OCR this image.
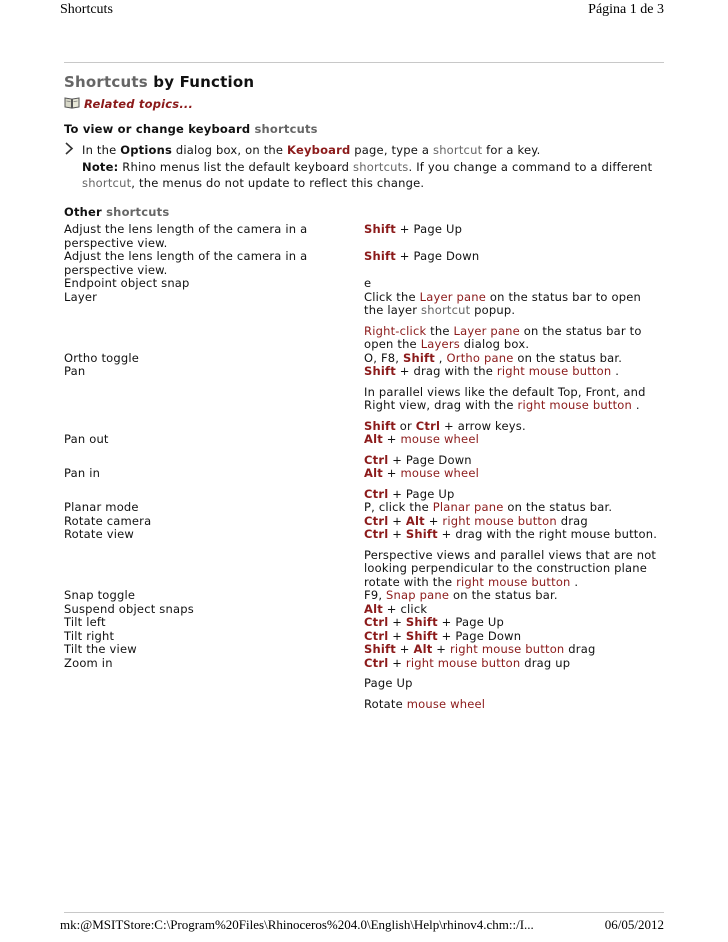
Shortcuts	Página 1 de 3
Shortcuts by Function
Related topics...
To view or change keyboard shortcuts
In the Options dialog box, on the Keyboard page, type a shortcut for a key.
Note: Rhino menus list the default keyboard shortcuts. If you change a command to a different
shortcut, the menus do not update to reflect this change.
Other shortcuts
Adjust the lens length of the camera in a perspective view.	Shift + Page Up

Adjust the lens length of the camera in a perspective view.	Shift + Page Down

Endpoint object snap	e

Layer	Click the Layer pane on the status bar to open the layer shortcut popup.
Right-click the Layer pane on the status bar to open the Layers dialog box.

Ortho toggle	O, F8, Shift , Ortho pane on the status bar.

Pan	Shift + drag with the right mouse button .
In parallel views like the default Top, Front, and Right view, drag with the right mouse button .
Shift or Ctrl + arrow keys.

Pan out	Alt + mouse wheel
Ctrl + Page Down

Pan in	Alt + mouse wheel
Ctrl + Page Up

Planar mode	P, click the Planar pane on the status bar.

Rotate camera	Ctrl + Alt + right mouse button drag

Rotate view	Ctrl + Shift + drag with the right mouse button.
Perspective views and parallel views that are not looking perpendicular to the construction plane rotate with the right mouse button .

Snap toggle	F9, Snap pane on the status bar.

Suspend object snaps	Alt + click

Tilt left	Ctrl + Shift + Page Up

Tilt right	Ctrl + Shift + Page Down

Tilt the view	Shift + Alt + right mouse button drag

Zoom in	Ctrl + right mouse button drag up
Page Up
Rotate mouse wheel
mk:@MSITStore:C:\Program%20Files\Rhinoceros%204.0\English\Help\rhinov4.chm::/I...	06/05/2012
